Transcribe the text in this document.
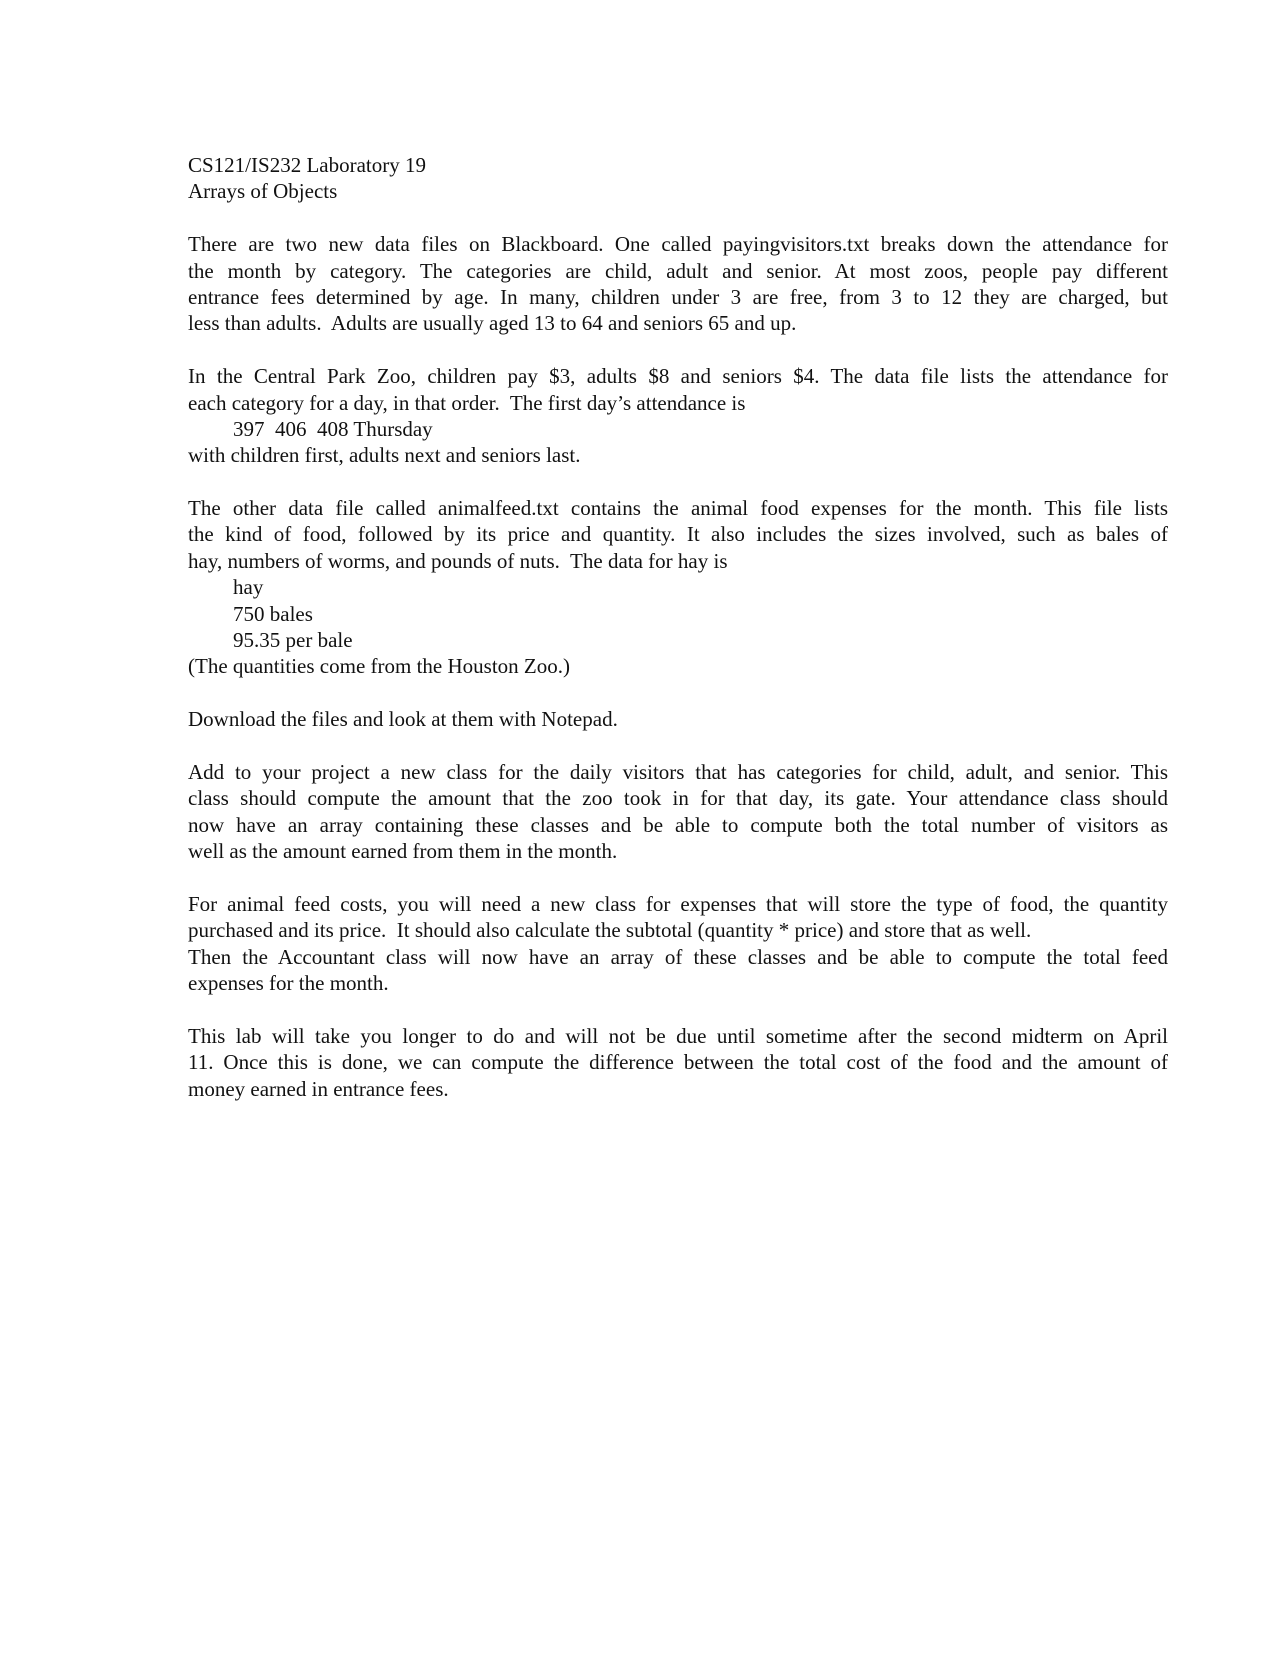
CS121/IS232 Laboratory 19
Arrays of Objects
There are two new data files on Blackboard. One called payingvisitors.txt breaks down the attendance for
the month by category. The categories are child, adult and senior. At most zoos, people pay different
entrance fees determined by age. In many, children under 3 are free, from 3 to 12 they are charged, but
less than adults.  Adults are usually aged 13 to 64 and seniors 65 and up.
In the Central Park Zoo, children pay $3, adults $8 and seniors $4. The data file lists the attendance for
each category for a day, in that order.  The first day’s attendance is
397  406  408 Thursday
with children first, adults next and seniors last.
The other data file called animalfeed.txt contains the animal food expenses for the month. This file lists
the kind of food, followed by its price and quantity. It also includes the sizes involved, such as bales of
hay, numbers of worms, and pounds of nuts.  The data for hay is
hay
750 bales
95.35 per bale
(The quantities come from the Houston Zoo.)
Download the files and look at them with Notepad.
Add to your project a new class for the daily visitors that has categories for child, adult, and senior. This
class should compute the amount that the zoo took in for that day, its gate. Your attendance class should
now have an array containing these classes and be able to compute both the total number of visitors as
well as the amount earned from them in the month.
For animal feed costs, you will need a new class for expenses that will store the type of food, the quantity
purchased and its price.  It should also calculate the subtotal (quantity * price) and store that as well.
Then the Accountant class will now have an array of these classes and be able to compute the total feed
expenses for the month.
This lab will take you longer to do and will not be due until sometime after the second midterm on April
11. Once this is done, we can compute the difference between the total cost of the food and the amount of
money earned in entrance fees.
